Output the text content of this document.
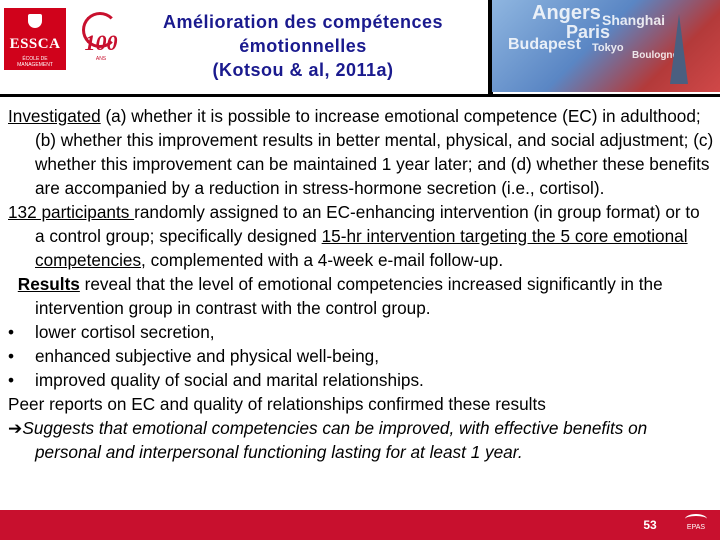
ESSCA
ÉCOLE DE MANAGEMENT
100
ANS
Amélioration des compétences
émotionnelles
(Kotsou & al, 2011a)
Angers Shanghai
Paris
Budapest Tokyo
Boulogne

Investigated (a) whether it is possible to increase emotional competence (EC) in adulthood; (b) whether this improvement results in better mental, physical, and social adjustment; (c) whether this improvement can be maintained 1 year later; and (d) whether these benefits are accompanied by a reduction in stress-hormone secretion (i.e., cortisol).

132 participants randomly assigned to an EC-enhancing intervention (in group format) or to a control group; specifically designed 15-hr intervention targeting the 5 core emotional competencies, complemented with a 4-week e-mail follow-up.

Results reveal that the level of emotional competencies increased significantly in the intervention group in contrast with the control group.

•	lower cortisol secretion,
•	enhanced subjective and physical well-being,
•	improved quality of social and marital relationships.

Peer reports on EC and quality of relationships confirmed these results

➔Suggests that emotional competencies can be improved, with effective benefits on personal and interpersonal functioning lasting for at least 1 year.

53	EPAS
